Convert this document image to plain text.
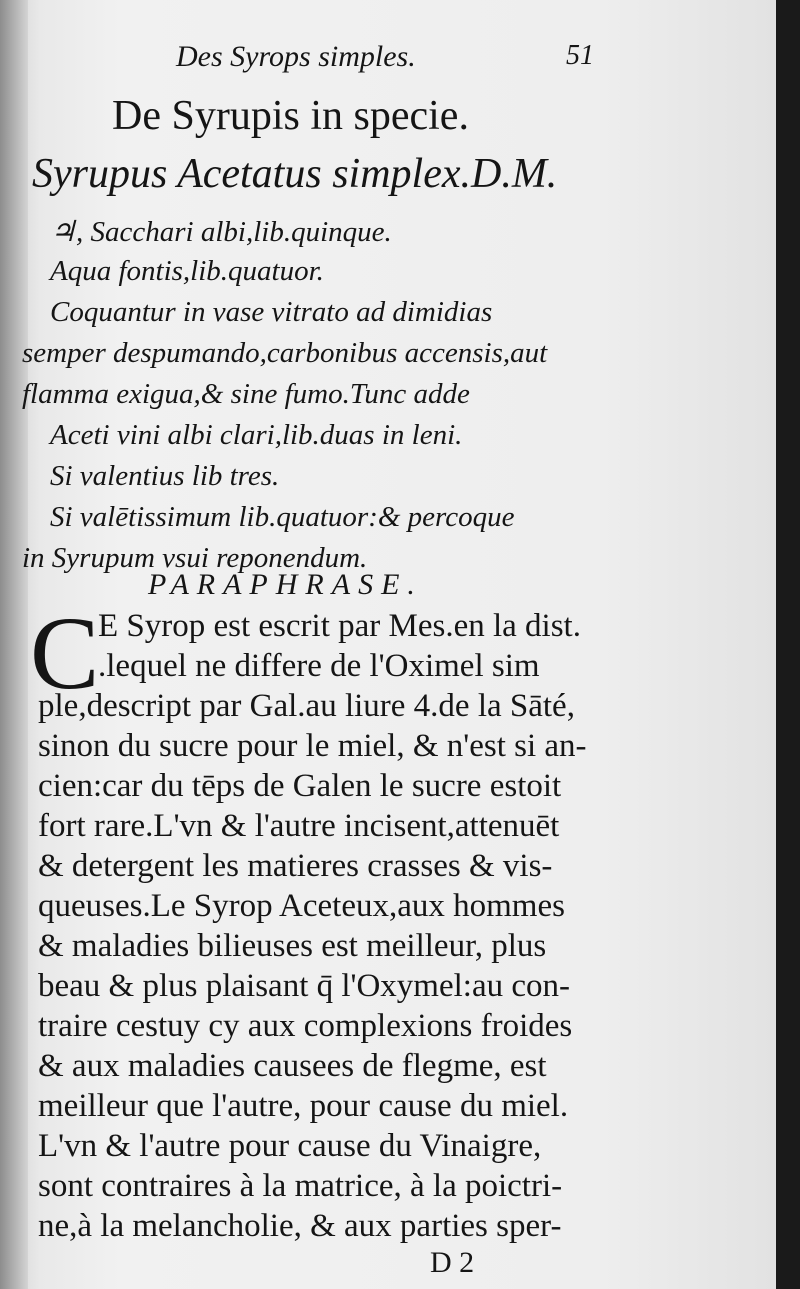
Des Syrops simples.	51
De Syrupis in specie.
Syrupus Acetatus simplex.D.M.
♃, Sacchari albi,lib.quinque.
Aqua fontis,lib.quatuor.
Coquantur in vase vitrato ad dimidias
semper despumando,carbonibus accensis,aut
flamma exigua,& sine fumo.Tunc adde
Aceti vini albi clari,lib.duas in leni.
Si valentius lib tres.
Si valētissimum lib.quatuor:& percoque
in Syrupum vsui reponendum.
PARAPHRASE.
C
E Syrop est escrit par Mes.en la dist.
.lequel ne differe de l'Oximel sim
ple,descript par Gal.au liure 4.de la Sāté,
sinon du sucre pour le miel, & n'est si an-
cien:car du tēps de Galen le sucre estoit
fort rare.L'vn & l'autre incisent,attenuēt
& detergent les matieres crasses & vis-
queuses.Le Syrop Aceteux,aux hommes
& maladies bilieuses est meilleur, plus
beau & plus plaisant q̄ l'Oxymel:au con-
traire cestuy cy aux complexions froides
& aux maladies causees de flegme, est
meilleur que l'autre, pour cause du miel.
L'vn & l'autre pour cause du Vinaigre,
sont contraires à la matrice, à la poictri-
ne,à la melancholie, & aux parties sper-
D 2
